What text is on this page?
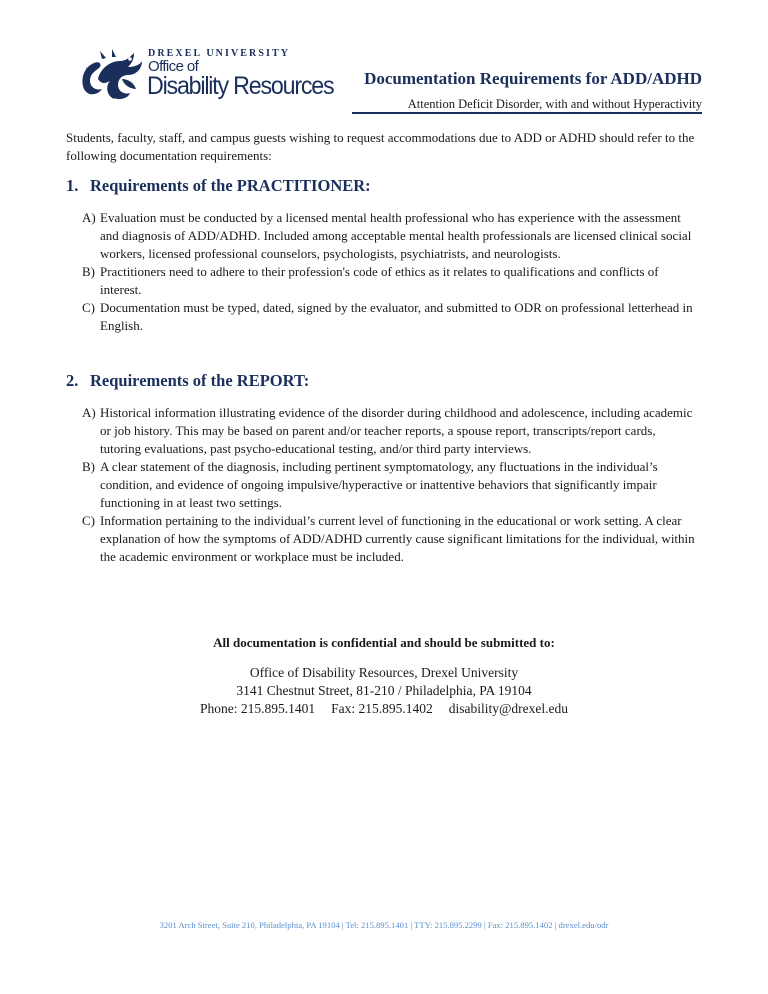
DREXEL UNIVERSITY
Office of
Disability Resources Documentation Requirements for ADD/ADHD
Attention Deficit Disorder, with and without Hyperactivity
Students, faculty, staff, and campus guests wishing to request accommodations due to ADD or ADHD should refer to the following documentation requirements:
1. Requirements of the PRACTITIONER:
A) Evaluation must be conducted by a licensed mental health professional who has experience with the assessment and diagnosis of ADD/ADHD. Included among acceptable mental health professionals are licensed clinical social workers, licensed professional counselors, psychologists, psychiatrists, and neurologists.
B) Practitioners need to adhere to their profession's code of ethics as it relates to qualifications and conflicts of interest.
C) Documentation must be typed, dated, signed by the evaluator, and submitted to ODR on professional letterhead in English.
2. Requirements of the REPORT:
A) Historical information illustrating evidence of the disorder during childhood and adolescence, including academic or job history. This may be based on parent and/or teacher reports, a spouse report, transcripts/report cards, tutoring evaluations, past psycho-educational testing, and/or third party interviews.
B) A clear statement of the diagnosis, including pertinent symptomatology, any fluctuations in the individual’s condition, and evidence of ongoing impulsive/hyperactive or inattentive behaviors that significantly impair functioning in at least two settings.
C) Information pertaining to the individual’s current level of functioning in the educational or work setting. A clear explanation of how the symptoms of ADD/ADHD currently cause significant limitations for the individual, within the academic environment or workplace must be included.
All documentation is confidential and should be submitted to:
Office of Disability Resources, Drexel University
3141 Chestnut Street, 81-210 / Philadelphia, PA 19104
Phone: 215.895.1401 Fax: 215.895.1402 disability@drexel.edu
3201 Arch Street, Suite 210, Philadelphia, PA 19104 | Tel: 215.895.1401 | TTY: 215.895.2299 | Fax: 215.895.1402 | drexel.edu/odr
